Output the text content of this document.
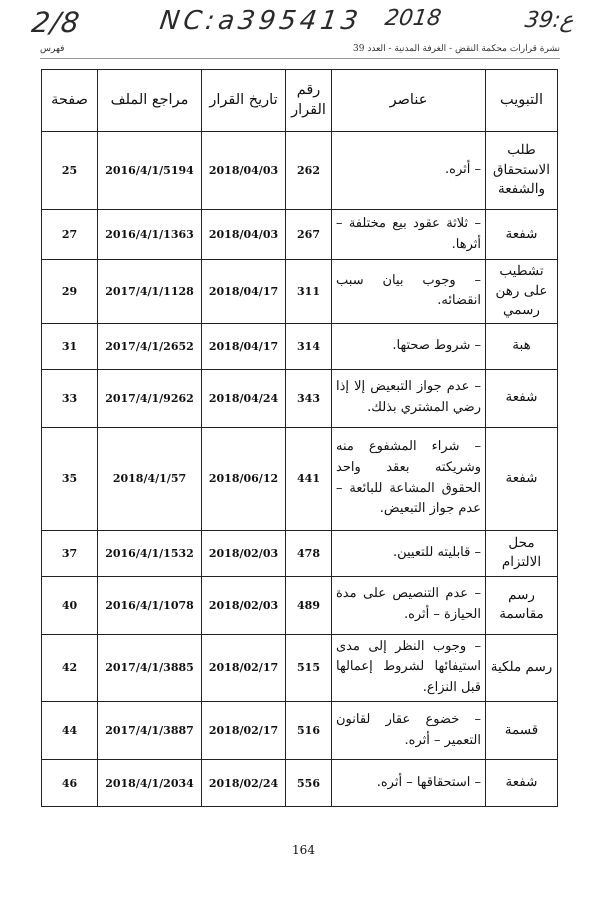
2/8	NC:a395413 2018	39:ع
نشرة قرارات محكمة النقض - الغرفة المدنية - العدد 39
فهرس
التبويب	عناصر	رقم القرار	تاريخ القرار	مراجع الملف	صفحة
طلب الاستحقاق والشفعة	– أثره.	262	2018/04/03	2016/4/1/5194	25
شفعة	– ثلاثة عقود بيع مختلفة – أثرها.	267	2018/04/03	2016/4/1/1363	27
تشطيب على رهن رسمي	– وجوب بيان سبب انقضائه.	311	2018/04/17	2017/4/1/1128	29
هبة	– شروط صحتها.	314	2018/04/17	2017/4/1/2652	31
شفعة	– عدم جواز التبعيض إلا إذا رضي المشتري بذلك.	343	2018/04/24	2017/4/1/9262	33
شفعة	– شراء المشفوع منه وشريكته بعقد واحد الحقوق المشاعة للبائعة – عدم جواز التبعيض.	441	2018/06/12	2018/4/1/57	35
محل الالتزام	– قابليته للتعيين.	478	2018/02/03	2016/4/1/1532	37
رسم مقاسمة	– عدم التنصيص على مدة الحيازة – أثره.	489	2018/02/03	2016/4/1/1078	40
رسم ملكية	– وجوب النظر إلى مدى استيفائها لشروط إعمالها قبل النزاع.	515	2018/02/17	2017/4/1/3885	42
قسمة	– خضوع عقار لقانون التعمير – أثره.	516	2018/02/17	2017/4/1/3887	44
شفعة	– استحقاقها – أثره.	556	2018/02/24	2018/4/1/2034	46
164
